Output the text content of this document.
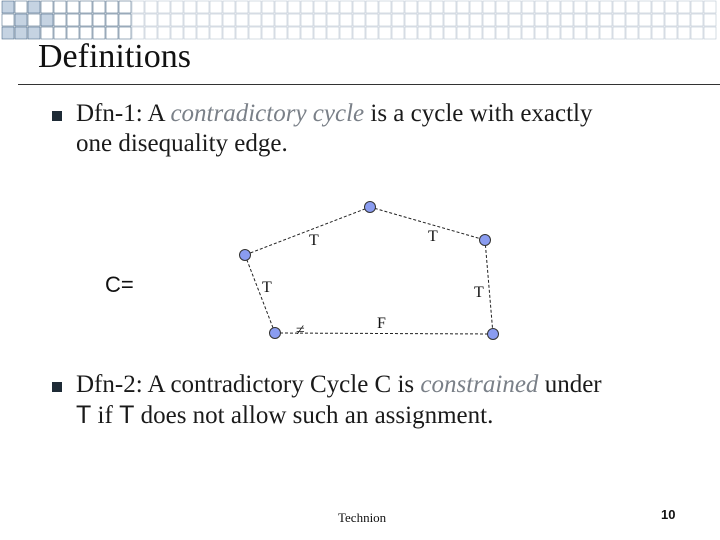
Definitions
Dfn-1: A contradictory cycle is a cycle with exactly
one disequality edge.
C=
T	T
T	T
≠	F
Dfn-2: A contradictory Cycle C is constrained under
T if T does not allow such an assignment.
Technion	10
